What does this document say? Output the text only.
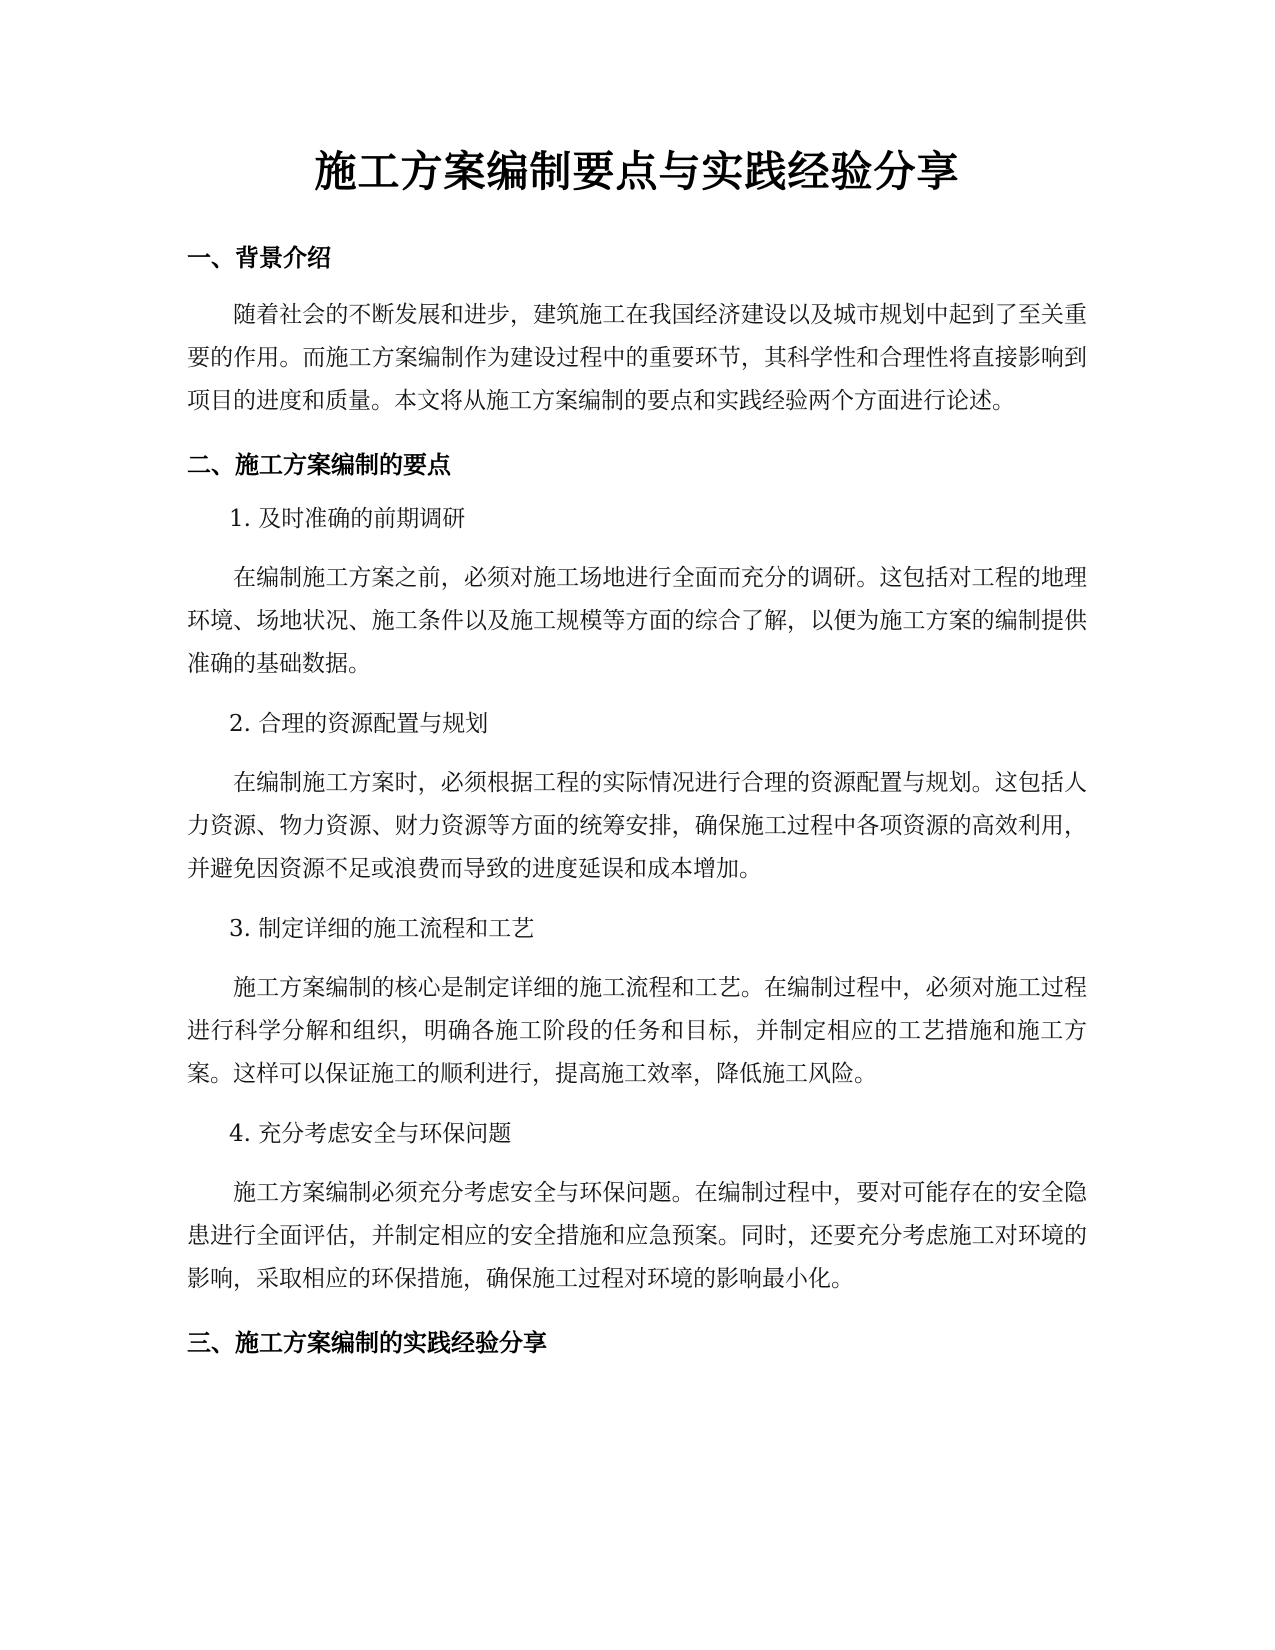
施工方案编制要点与实践经验分享
一、背景介绍

随着社会的不断发展和进步，建筑施工在我国经济建设以及城市规划中起到了至关重要的作用。而施工方案编制作为建设过程中的重要环节，其科学性和合理性将直接影响到项目的进度和质量。本文将从施工方案编制的要点和实践经验两个方面进行论述。

二、施工方案编制的要点

1. 及时准确的前期调研

在编制施工方案之前，必须对施工场地进行全面而充分的调研。这包括对工程的地理环境、场地状况、施工条件以及施工规模等方面的综合了解，以便为施工方案的编制提供准确的基础数据。

2. 合理的资源配置与规划

在编制施工方案时，必须根据工程的实际情况进行合理的资源配置与规划。这包括人力资源、物力资源、财力资源等方面的统筹安排，确保施工过程中各项资源的高效利用，并避免因资源不足或浪费而导致的进度延误和成本增加。

3. 制定详细的施工流程和工艺

施工方案编制的核心是制定详细的施工流程和工艺。在编制过程中，必须对施工过程进行科学分解和组织，明确各施工阶段的任务和目标，并制定相应的工艺措施和施工方案。这样可以保证施工的顺利进行，提高施工效率，降低施工风险。

4. 充分考虑安全与环保问题

施工方案编制必须充分考虑安全与环保问题。在编制过程中，要对可能存在的安全隐患进行全面评估，并制定相应的安全措施和应急预案。同时，还要充分考虑施工对环境的影响，采取相应的环保措施，确保施工过程对环境的影响最小化。

三、施工方案编制的实践经验分享
